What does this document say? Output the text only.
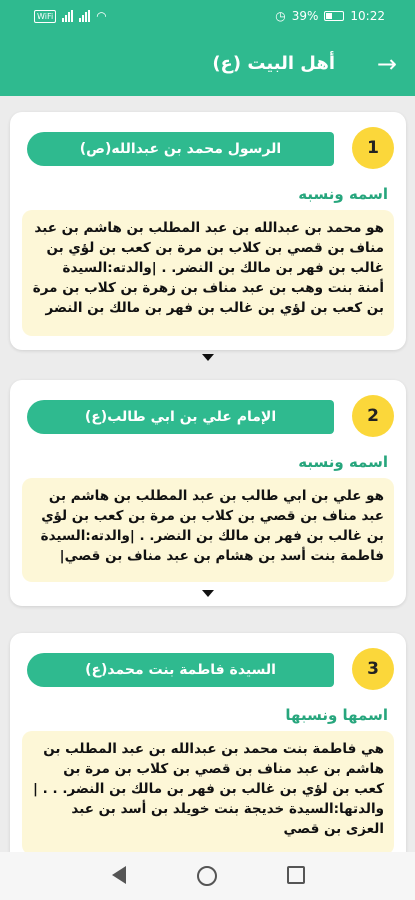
WiFi	◠	◷ 39%	10:22
أهل البيت (ع) →
1
الرسول محمد بن عبدالله(ص)
اسمه ونسبه
هو محمد بن عبدالله بن عبد المطلب بن هاشم بن عبد مناف بن قصي بن كلاب بن مرة بن كعب بن لؤي بن غالب بن فهر بن مالك بن النضر. . |والدته:السيدة أمنة بنت وهب بن عبد مناف بن زهرة بن كلاب بن مرة بن كعب بن لؤي بن غالب بن فهر بن مالك بن النضر
2
الإمام علي بن ابي طالب(ع)
اسمه ونسبه
هو علي بن ابي طالب بن عبد المطلب بن هاشم بن عبد مناف بن قصي بن كلاب بن مرة بن كعب بن لؤي بن غالب بن فهر بن مالك بن النضر. . |والدته:السيدة فاطمة بنت أسد بن هشام بن عبد مناف بن قصي|
3
السيدة فاطمة بنت محمد(ع)
اسمها ونسبها
هي فاطمة بنت محمد بن عبدالله بن عبد المطلب بن هاشم بن عبد مناف بن قصي بن كلاب بن مرة بن كعب بن لؤي بن غالب بن فهر بن مالك بن النضر. . . |والدتها:السيدة خديجة بنت خويلد بن أسد بن عبد العزى بن قصي
